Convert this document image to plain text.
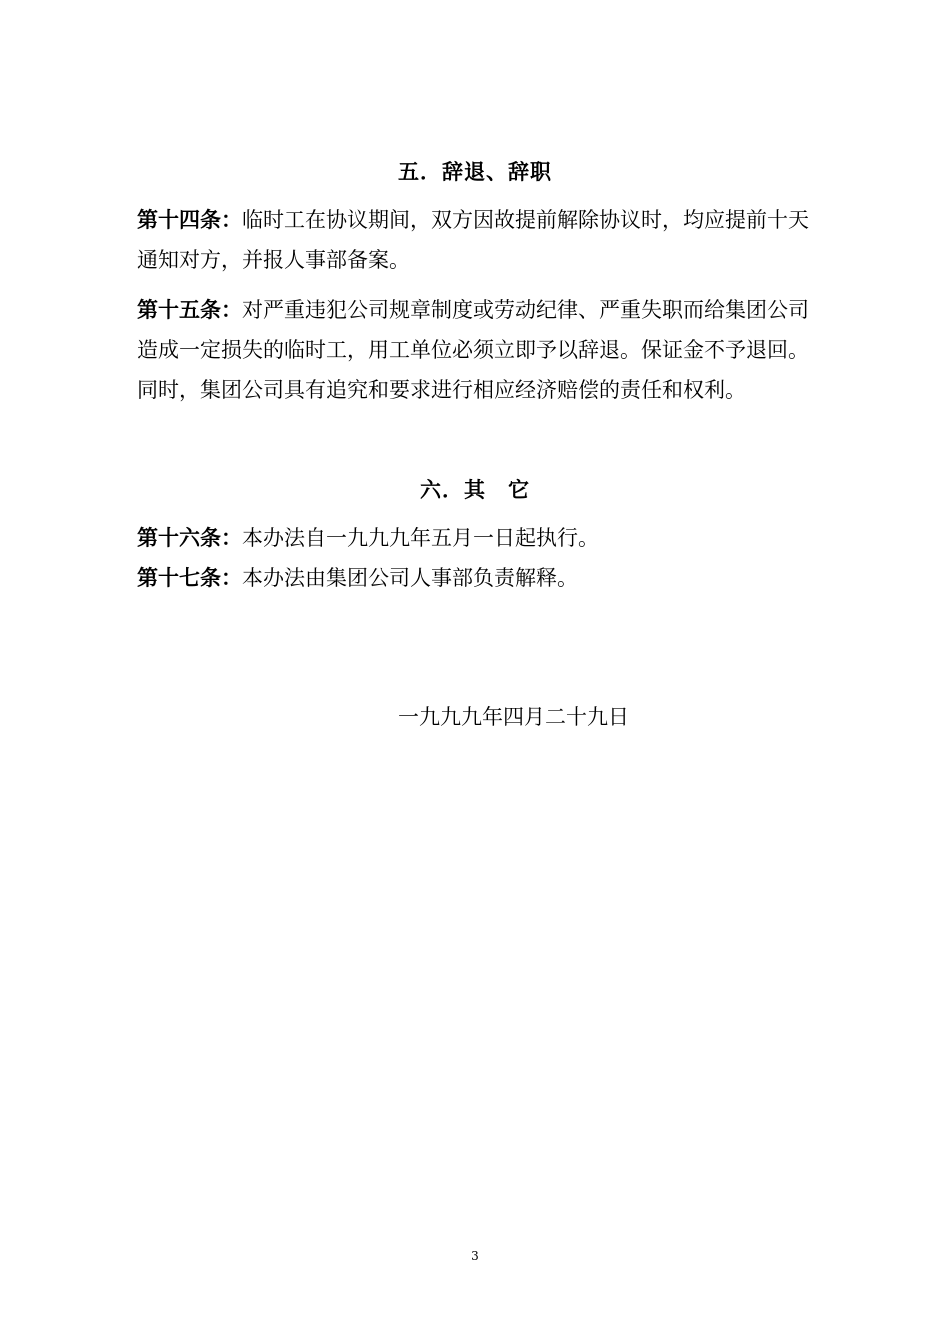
五．辞退、辞职

第十四条：临时工在协议期间，双方因故提前解除协议时，均应提前十天通知对方，并报人事部备案。

第十五条：对严重违犯公司规章制度或劳动纪律、严重失职而给集团公司造成一定损失的临时工，用工单位必须立即予以辞退。保证金不予退回。同时，集团公司具有追究和要求进行相应经济赔偿的责任和权利。

六．其　它

第十六条：本办法自一九九九年五月一日起执行。

第十七条：本办法由集团公司人事部负责解释。

一九九九年四月二十九日
3
